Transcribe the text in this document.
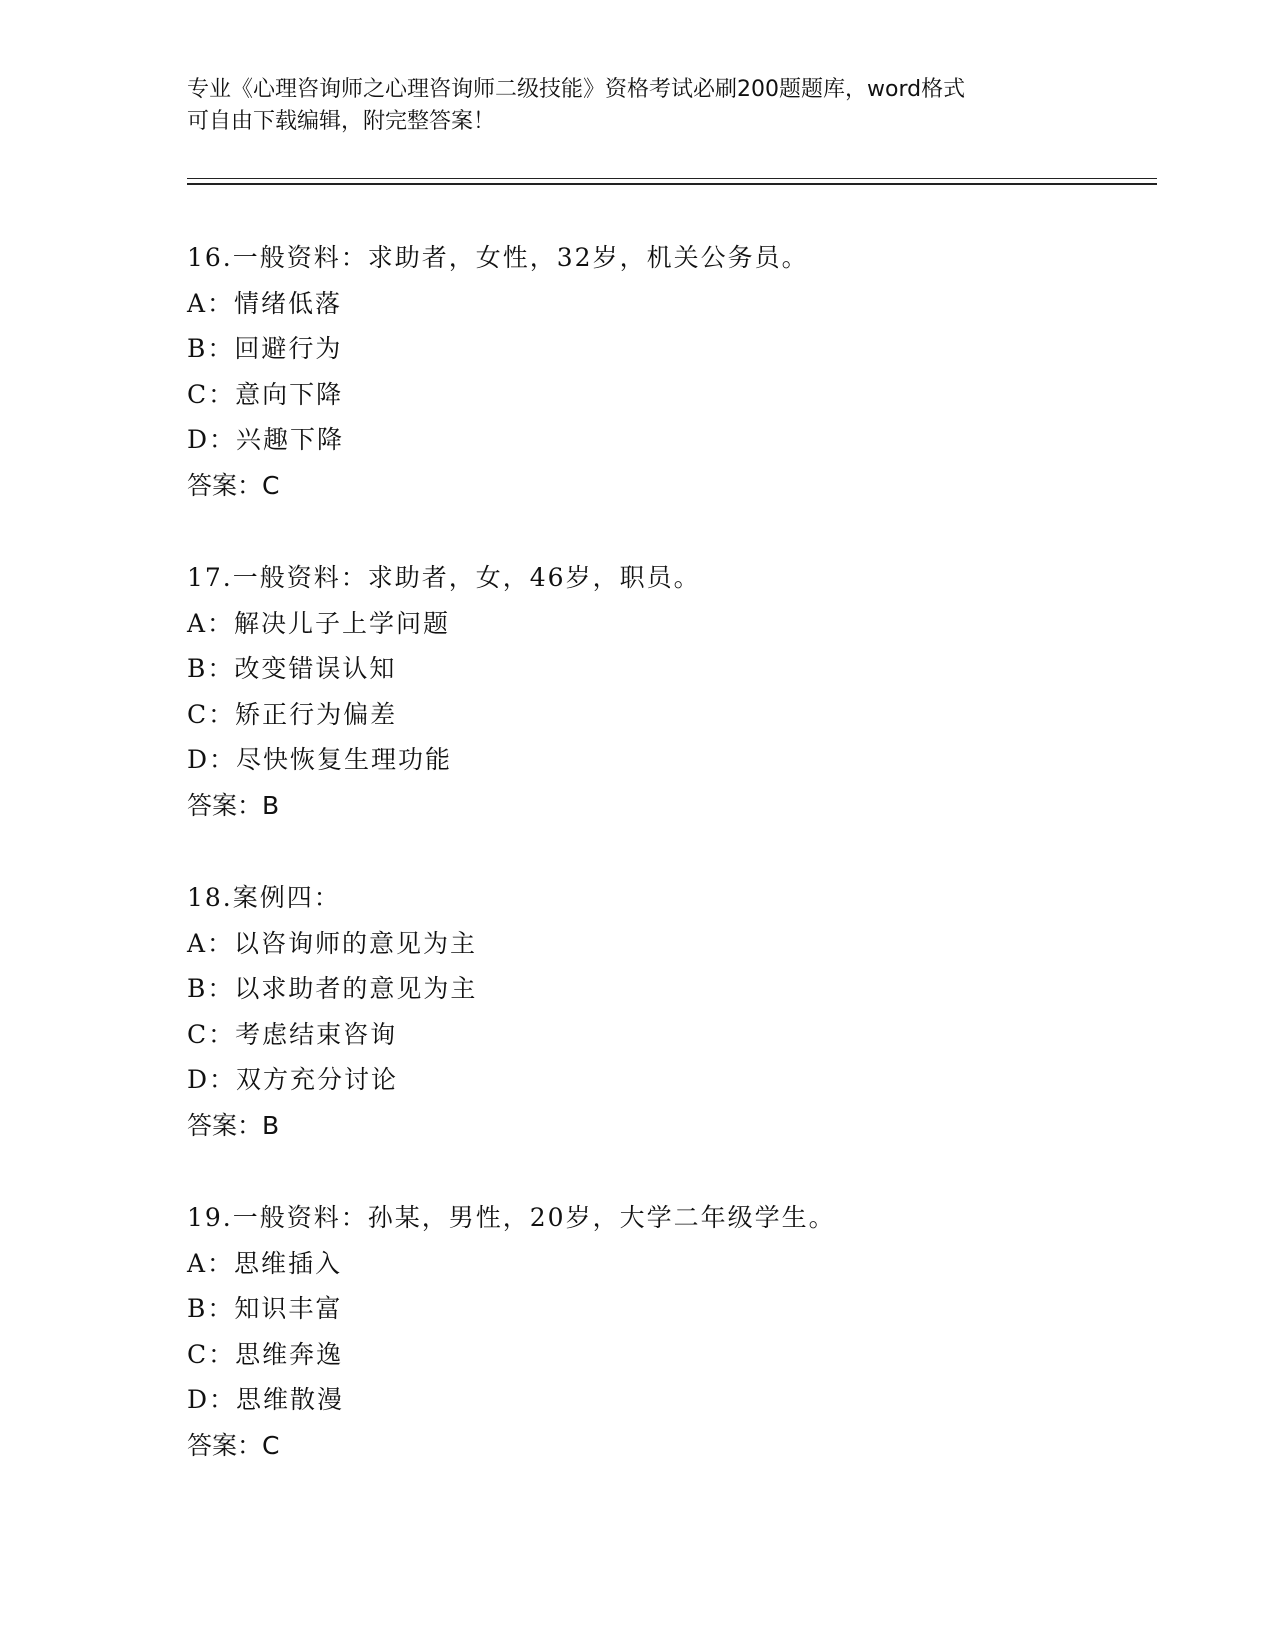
专业《心理咨询师之心理咨询师二级技能》资格考试必刷200题题库，word格式
可自由下载编辑，附完整答案！
16.一般资料：求助者，女性，32岁，机关公务员。
A：情绪低落
B：回避行为
C：意向下降
D：兴趣下降
答案：C
17.一般资料：求助者，女，46岁，职员。
A：解决儿子上学问题
B：改变错误认知
C：矫正行为偏差
D：尽快恢复生理功能
答案：B
18.案例四：
A：以咨询师的意见为主
B：以求助者的意见为主
C：考虑结束咨询
D：双方充分讨论
答案：B
19.一般资料：孙某，男性，20岁，大学二年级学生。
A：思维插入
B：知识丰富
C：思维奔逸
D：思维散漫
答案：C
